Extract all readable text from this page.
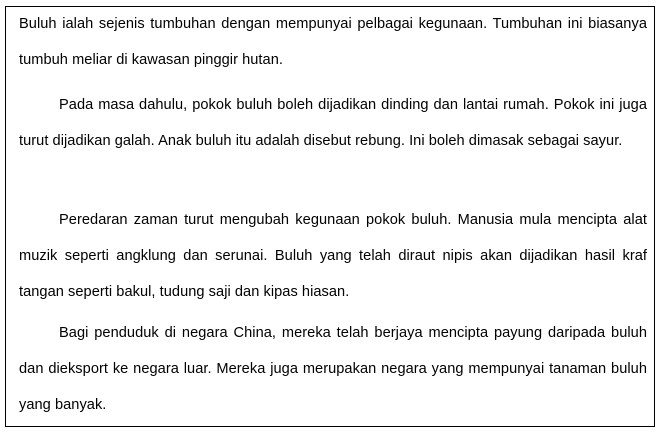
Buluh ialah sejenis tumbuhan dengan mempunyai pelbagai kegunaan. Tumbuhan ini biasanya tumbuh meliar di kawasan pinggir hutan.

Pada masa dahulu, pokok buluh boleh dijadikan dinding dan lantai rumah. Pokok ini juga turut dijadikan galah. Anak buluh itu adalah disebut rebung. Ini boleh dimasak sebagai sayur.

Peredaran zaman turut mengubah kegunaan pokok buluh. Manusia mula mencipta alat muzik seperti angklung dan serunai. Buluh yang telah diraut nipis akan dijadikan hasil kraf tangan seperti bakul, tudung saji dan kipas hiasan.

Bagi penduduk di negara China, mereka telah berjaya mencipta payung daripada buluh dan dieksport ke negara luar. Mereka juga merupakan negara yang mempunyai tanaman buluh yang banyak.
